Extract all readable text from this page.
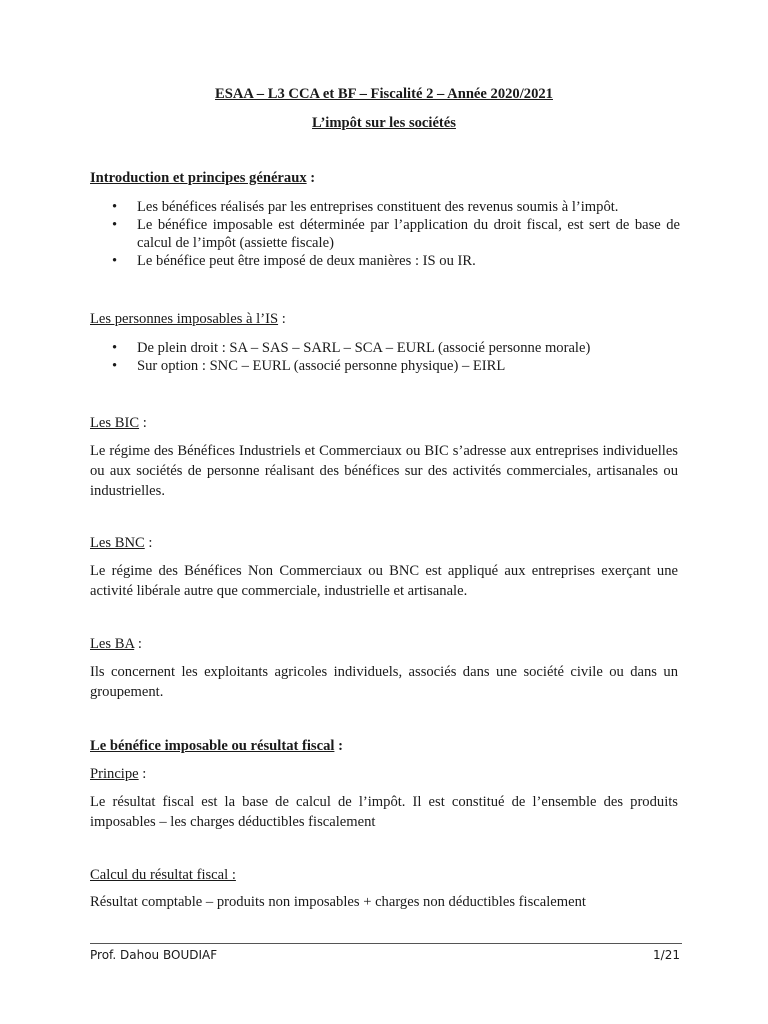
ESAA – L3 CCA et BF – Fiscalité 2 – Année 2020/2021
L’impôt sur les sociétés
Introduction et principes généraux :
• Les bénéfices réalisés par les entreprises constituent des revenus soumis à l’impôt.
• Le bénéfice imposable est déterminée par l’application du droit fiscal, est sert de base de calcul de l’impôt (assiette fiscale)
• Le bénéfice peut être imposé de deux manières : IS ou IR.
Les personnes imposables à l’IS :
• De plein droit : SA – SAS – SARL – SCA – EURL (associé personne morale)
• Sur option : SNC – EURL (associé personne physique) – EIRL
Les BIC :
Le régime des Bénéfices Industriels et Commerciaux ou BIC s’adresse aux entreprises individuelles ou aux sociétés de personne réalisant des bénéfices sur des activités commerciales, artisanales ou industrielles.
Les BNC :
Le régime des Bénéfices Non Commerciaux ou BNC est appliqué aux entreprises exerçant une activité libérale autre que commerciale, industrielle et artisanale.
Les BA :
Ils concernent les exploitants agricoles individuels, associés dans une société civile ou dans un groupement.
Le bénéfice imposable ou résultat fiscal :
Principe :
Le résultat fiscal est la base de calcul de l’impôt. Il est constitué de l’ensemble des produits imposables – les charges déductibles fiscalement
Calcul du résultat fiscal :
Résultat comptable – produits non imposables + charges non déductibles fiscalement
Prof. Dahou BOUDIAF	1/21
